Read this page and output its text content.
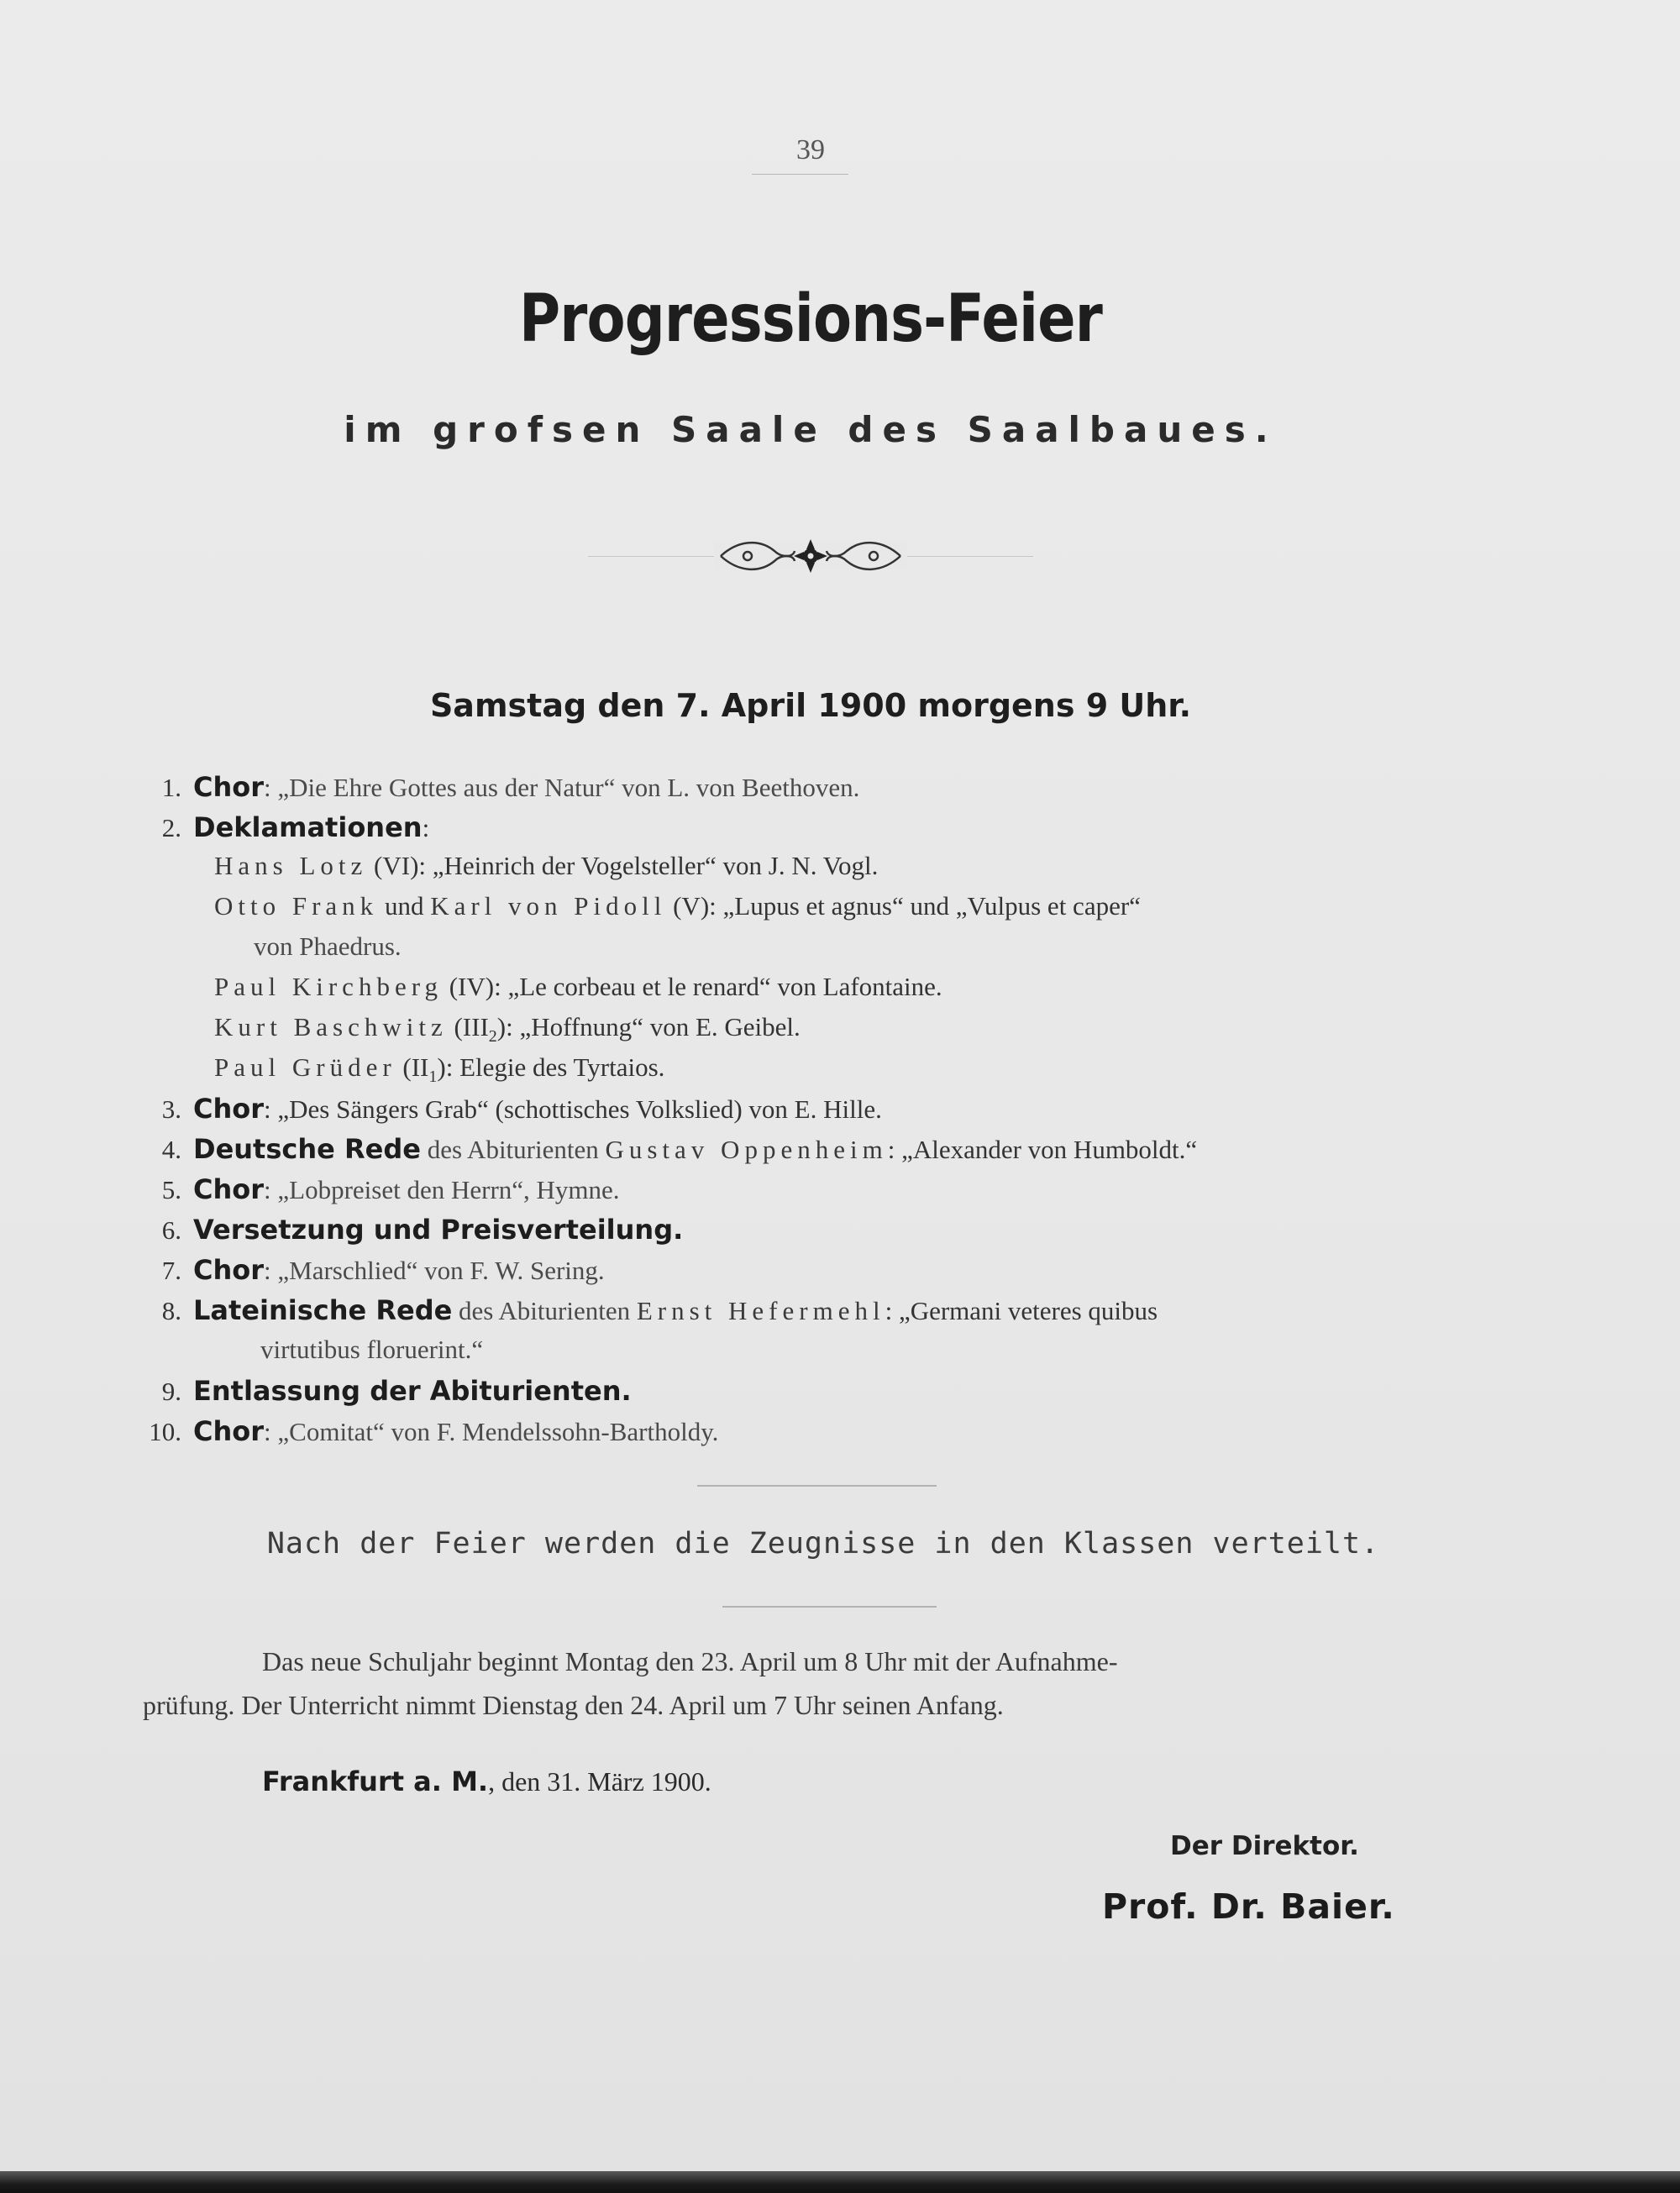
39
Progressions-Feier
im grofsen Saale des Saalbaues.
Samstag den 7. April 1900 morgens 9 Uhr.
1. Chor: „Die Ehre Gottes aus der Natur“ von L. von Beethoven.
2. Deklamationen:
Hans Lotz (VI): „Heinrich der Vogelsteller“ von J. N. Vogl.
Otto Frank und Karl von Pidoll (V): „Lupus et agnus“ und „Vulpus et caper“
von Phaedrus.
Paul Kirchberg (IV): „Le corbeau et le renard“ von Lafontaine.
Kurt Baschwitz $(III_2)$: „Hoffnung“ von E. Geibel.
Paul Grüder $(II_1)$: Elegie des Tyrtaios.
3. Chor: „Des Sängers Grab“ (schottisches Volkslied) von E. Hille.
4. Deutsche Rede des Abiturienten Gustav Oppenheim: „Alexander von Humboldt.“
5. Chor: „Lobpreiset den Herrn“, Hymne.
6. Versetzung und Preisverteilung.
7. Chor: „Marschlied“ von F. W. Sering.
8. Lateinische Rede des Abiturienten Ernst Hefermehl: „Germani veteres quibus
virtutibus floruerint.“
9. Entlassung der Abiturienten.
10. Chor: „Comitat“ von F. Mendelssohn-Bartholdy.
Nach der Feier werden die Zeugnisse in den Klassen verteilt.
Das neue Schuljahr beginnt Montag den 23. April um 8 Uhr mit der Aufnahme-
prüfung. Der Unterricht nimmt Dienstag den 24. April um 7 Uhr seinen Anfang.
Frankfurt a. M., den 31. März 1900.
Der Direktor.
Prof. Dr. Baier.
